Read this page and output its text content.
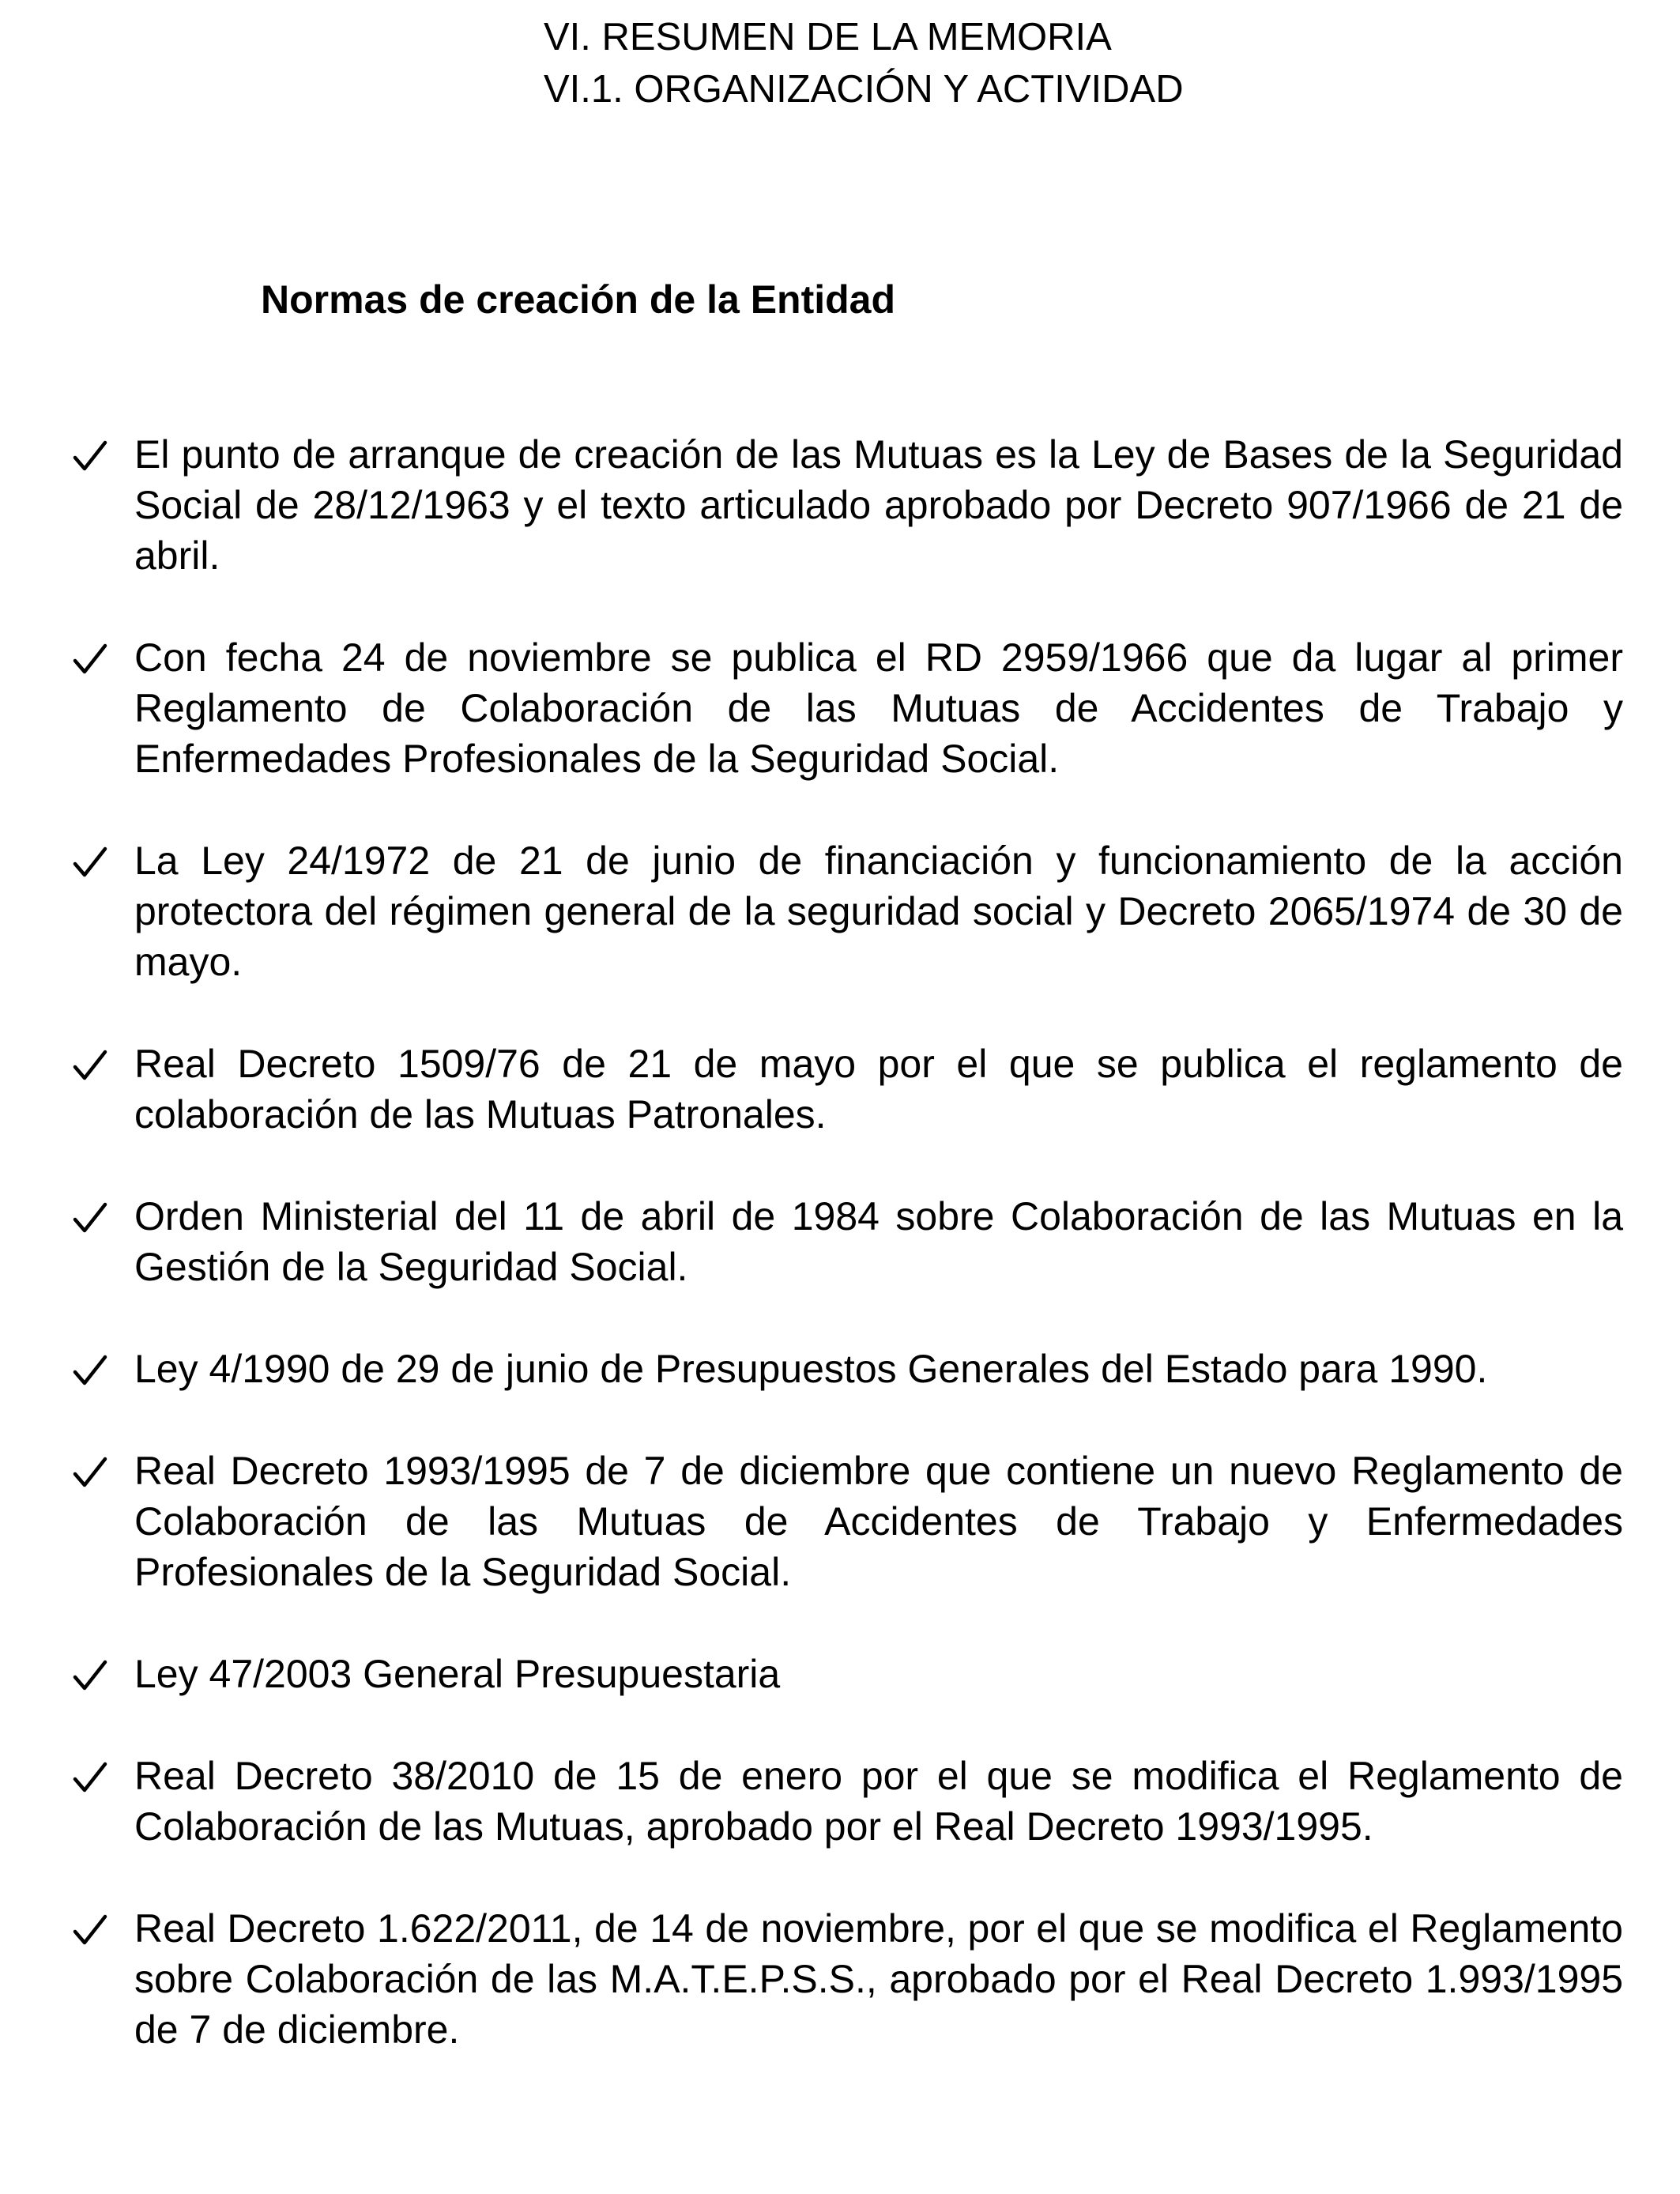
VI. RESUMEN DE LA MEMORIA
VI.1. ORGANIZACIÓN Y ACTIVIDAD
Normas de creación de la Entidad
El punto de arranque de creación de las Mutuas es la Ley de Bases de la Seguridad Social de 28/12/1963 y el texto articulado aprobado por Decreto 907/1966 de 21 de abril.
Con fecha 24 de noviembre se publica el RD 2959/1966 que da lugar al primer Reglamento de Colaboración de las Mutuas de Accidentes de Trabajo y Enfermedades Profesionales de la Seguridad Social.
La Ley 24/1972 de 21 de junio de financiación y funcionamiento de la acción protectora del régimen general de la seguridad social y Decreto 2065/1974 de 30 de mayo.
Real Decreto 1509/76 de 21 de mayo por el que se publica el reglamento de colaboración de las Mutuas Patronales.
Orden Ministerial del 11 de abril de 1984 sobre Colaboración de las Mutuas en la Gestión de la Seguridad Social.
Ley 4/1990 de 29 de junio de Presupuestos Generales del Estado para 1990.
Real Decreto 1993/1995 de 7 de diciembre que contiene un nuevo Reglamento de Colaboración de las Mutuas de Accidentes de Trabajo y Enfermedades Profesionales de la Seguridad Social.
Ley 47/2003 General Presupuestaria
Real Decreto 38/2010 de 15 de enero por el que se modifica el Reglamento de Colaboración de las Mutuas, aprobado por el Real Decreto 1993/1995.
Real Decreto 1.622/2011, de 14 de noviembre, por el que se modifica el Reglamento sobre Colaboración de las M.A.T.E.P.S.S., aprobado por el Real Decreto 1.993/1995 de 7 de diciembre.
